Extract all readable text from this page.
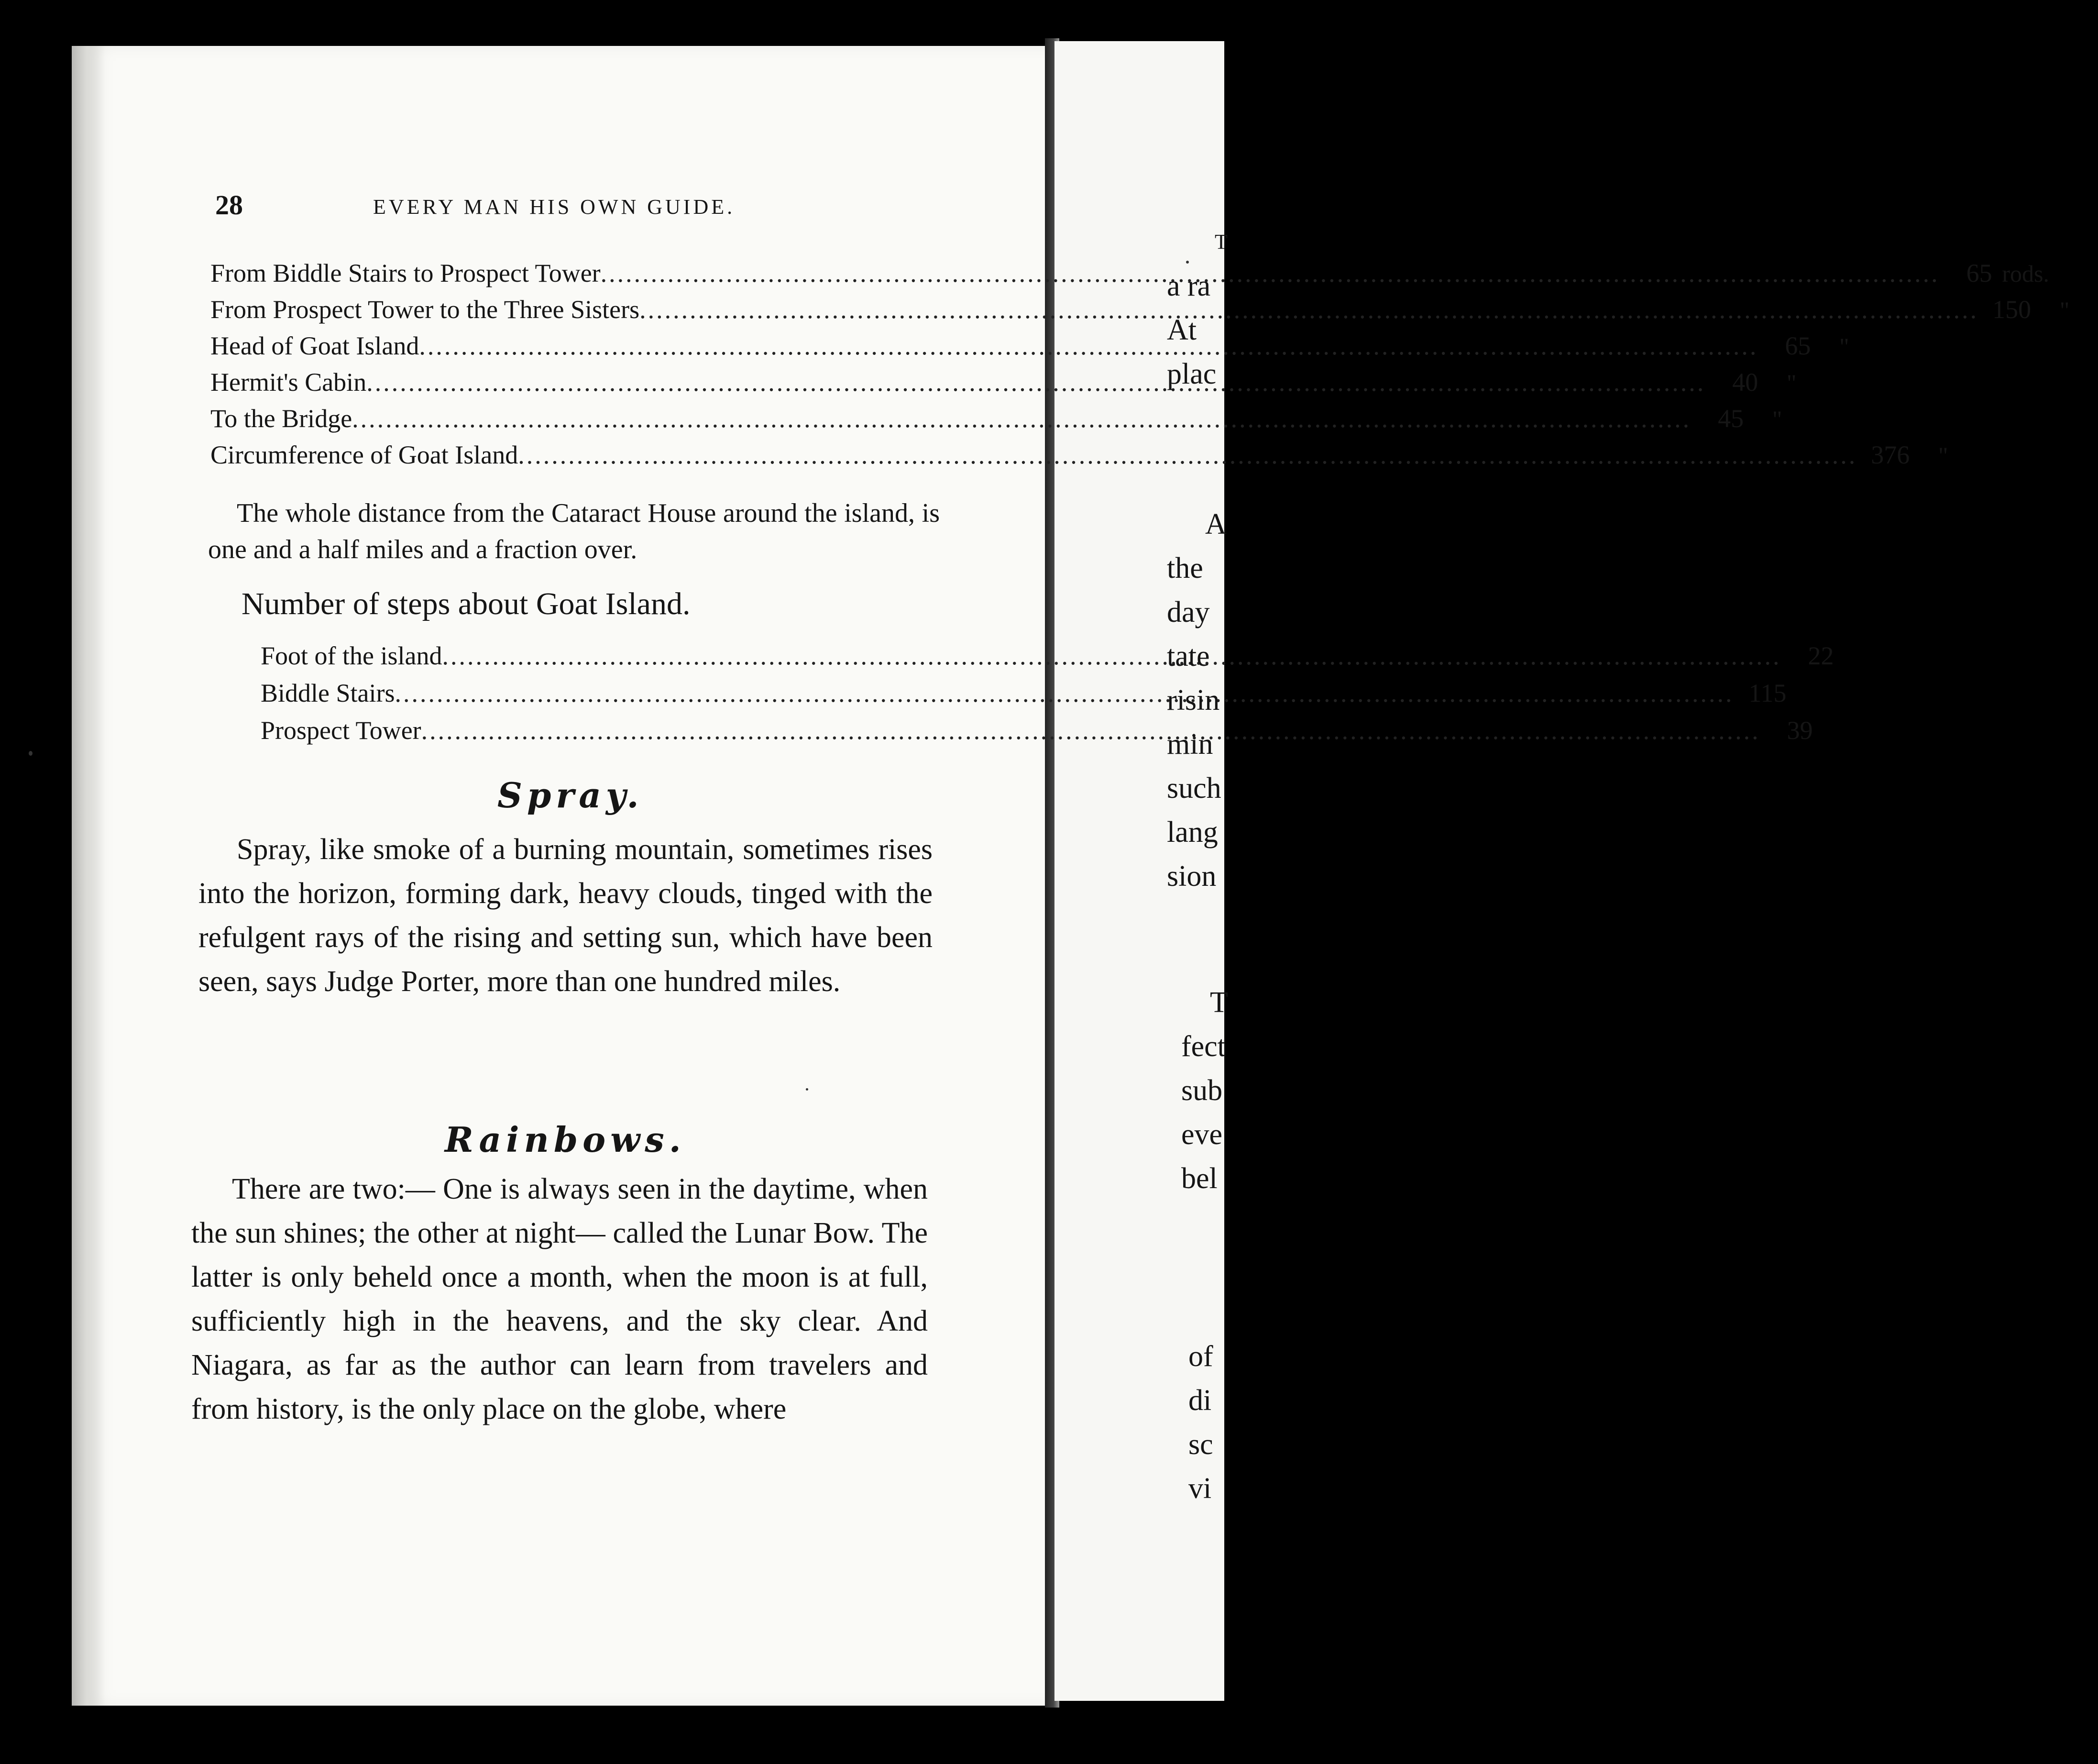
28	EVERY MAN HIS OWN GUIDE.
From Biddle Stairs to Prospect Tower .....	65 rods.
From Prospect Tower to the Three Sisters .....	150	"
Head of Goat Island .....	65	"
Hermit's Cabin .....	40	"
To the Bridge .....	45	"
Circumference of Goat Island .....	376	"
The whole distance from the Cataract House around the island, is one and a half miles and a fraction over.
Number of steps about Goat Island.
Foot of the island .....	22
Biddle Stairs .....	115
Prospect Tower .....	39
Spray.
Spray, like smoke of a burning mountain, sometimes rises into the horizon, forming dark, heavy clouds, tinged with the refulgent rays of the rising and setting sun, which have been seen, says Judge Porter, more than one hundred miles.
Rainbows.
There are two:— One is always seen in the daytime, when the sun shines; the other at night— called the Lunar Bow. The latter is only beheld once a month, when the moon is at full, sufficiently high in the heavens, and the sky clear. And Niagara, as far as the author can learn from travelers and from history, is the only place on the globe, where
T
a ra
At
plac
A
the
day
tate
risin
min
such
lang
sion
T
fect
sub
eve
bel
of
di
sc
vi
